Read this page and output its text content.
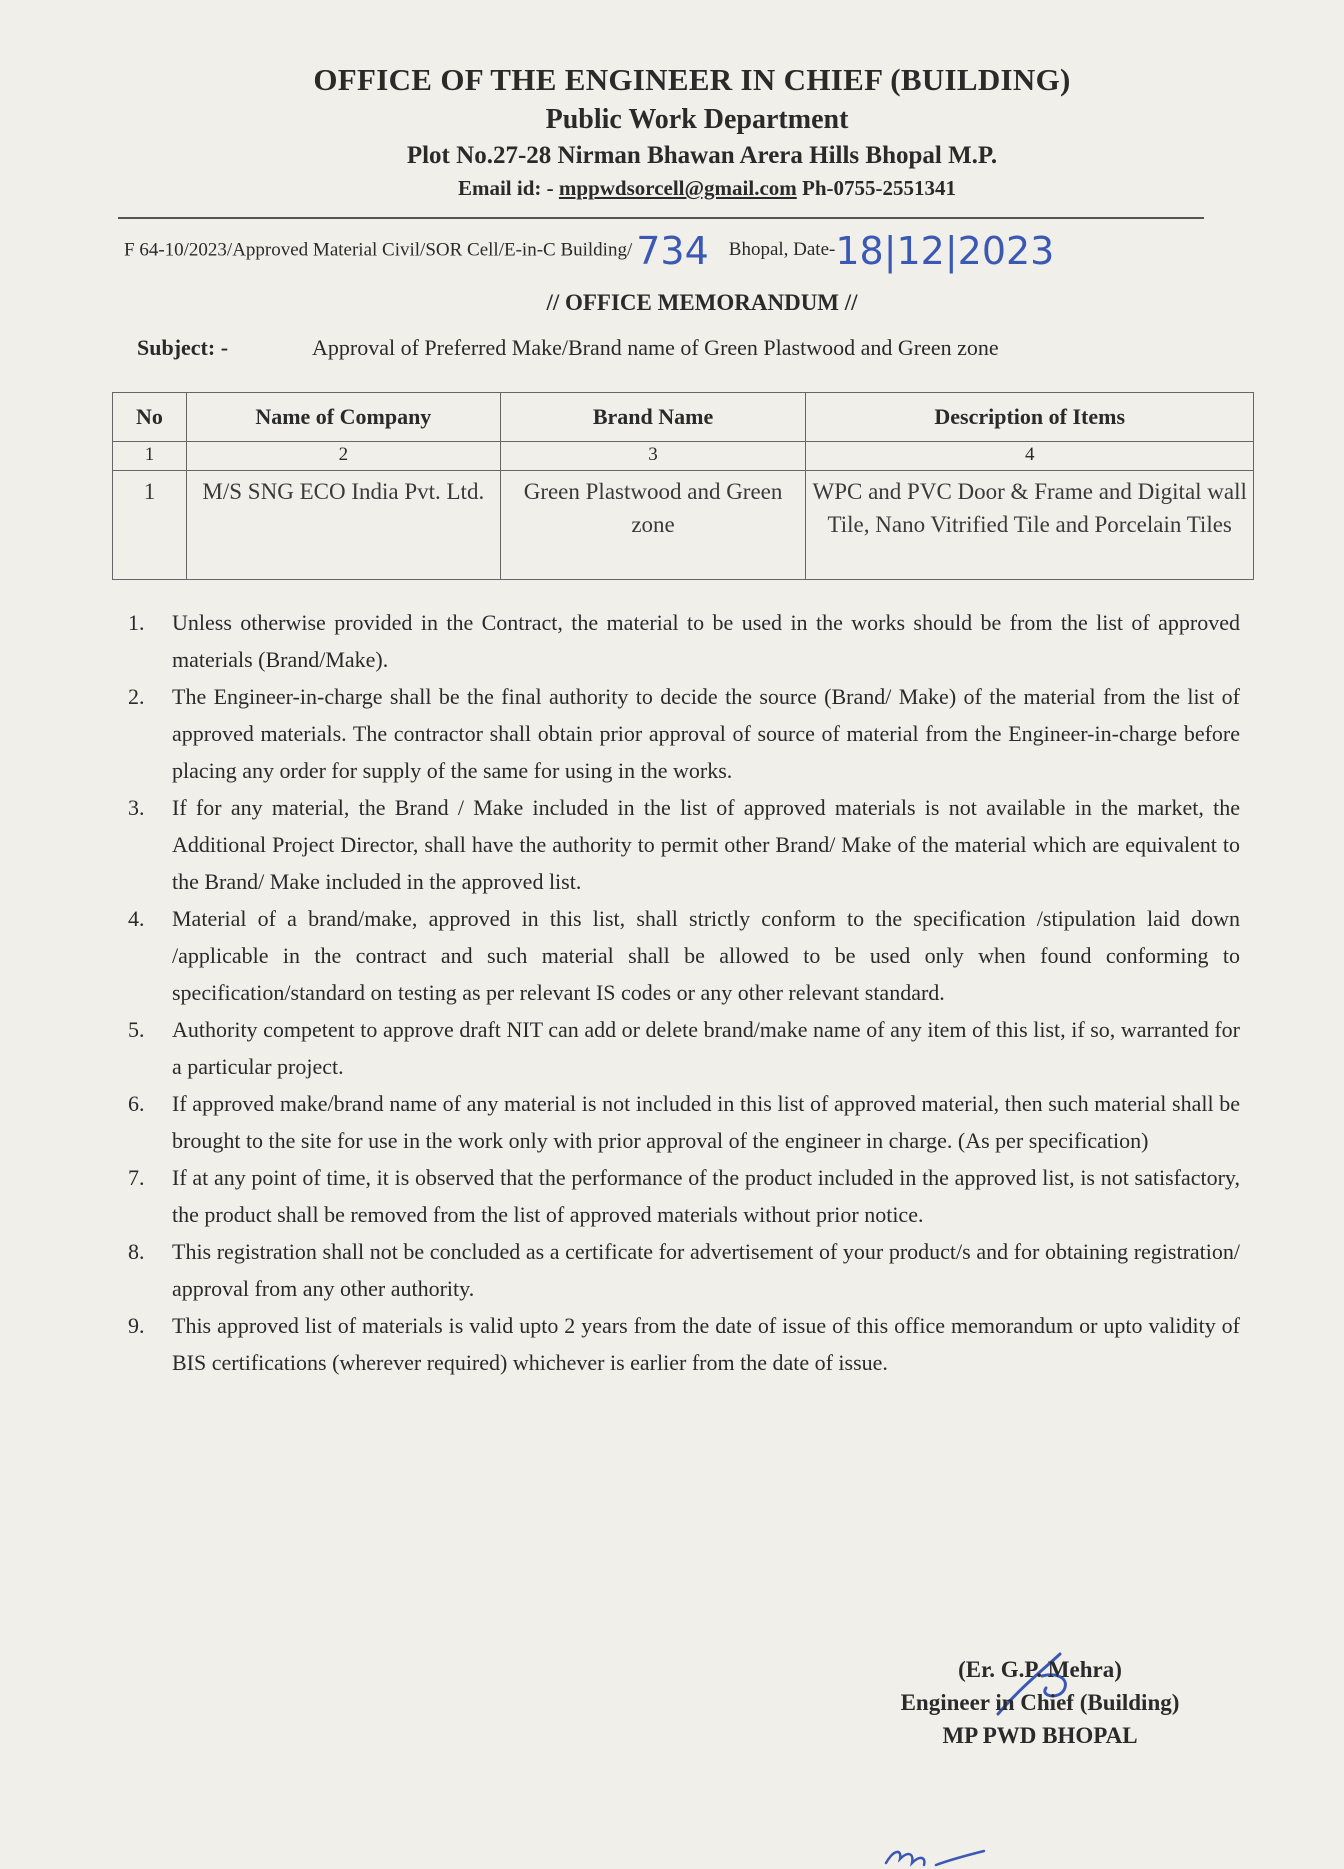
OFFICE OF THE ENGINEER IN CHIEF (BUILDING)
Public Work Department
Plot No.27-28 Nirman Bhawan Arera Hills Bhopal M.P.
Email id: - mppwdsorcell@gmail.com Ph-0755-2551341
F 64-10/2023/Approved Material Civil/SOR Cell/E-in-C Building/ 734 Bhopal, Date-18|12|2023
// OFFICE MEMORANDUM //
Subject: -	Approval of Preferred Make/Brand name of Green Plastwood and Green zone
No	Name of Company	Brand Name	Description of Items
1	2	3	4
1	M/S SNG ECO India Pvt. Ltd.	Green Plastwood and Green zone	WPC and PVC Door & Frame and Digital wall Tile, Nano Vitrified Tile and Porcelain Tiles
1.	Unless otherwise provided in the Contract, the material to be used in the works should be from the list of approved materials (Brand/Make).
2.	The Engineer-in-charge shall be the final authority to decide the source (Brand/ Make) of the material from the list of approved materials. The contractor shall obtain prior approval of source of material from the Engineer-in-charge before placing any order for supply of the same for using in the works.
3.	If for any material, the Brand / Make included in the list of approved materials is not available in the market, the Additional Project Director, shall have the authority to permit other Brand/ Make of the material which are equivalent to the Brand/ Make included in the approved list.
4.	Material of a brand/make, approved in this list, shall strictly conform to the specification /stipulation laid down /applicable in the contract and such material shall be allowed to be used only when found conforming to specification/standard on testing as per relevant IS codes or any other relevant standard.
5.	Authority competent to approve draft NIT can add or delete brand/make name of any item of this list, if so, warranted for a particular project.
6.	If approved make/brand name of any material is not included in this list of approved material, then such material shall be brought to the site for use in the work only with prior approval of the engineer in charge. (As per specification)
7.	If at any point of time, it is observed that the performance of the product included in the approved list, is not satisfactory, the product shall be removed from the list of approved materials without prior notice.
8.	This registration shall not be concluded as a certificate for advertisement of your product/s and for obtaining registration/ approval from any other authority.
9.	This approved list of materials is valid upto 2 years from the date of issue of this office memorandum or upto validity of BIS certifications (wherever required) whichever is earlier from the date of issue.
(Er. G.P. Mehra)
Engineer in Chief (Building)
MP PWD BHOPAL
